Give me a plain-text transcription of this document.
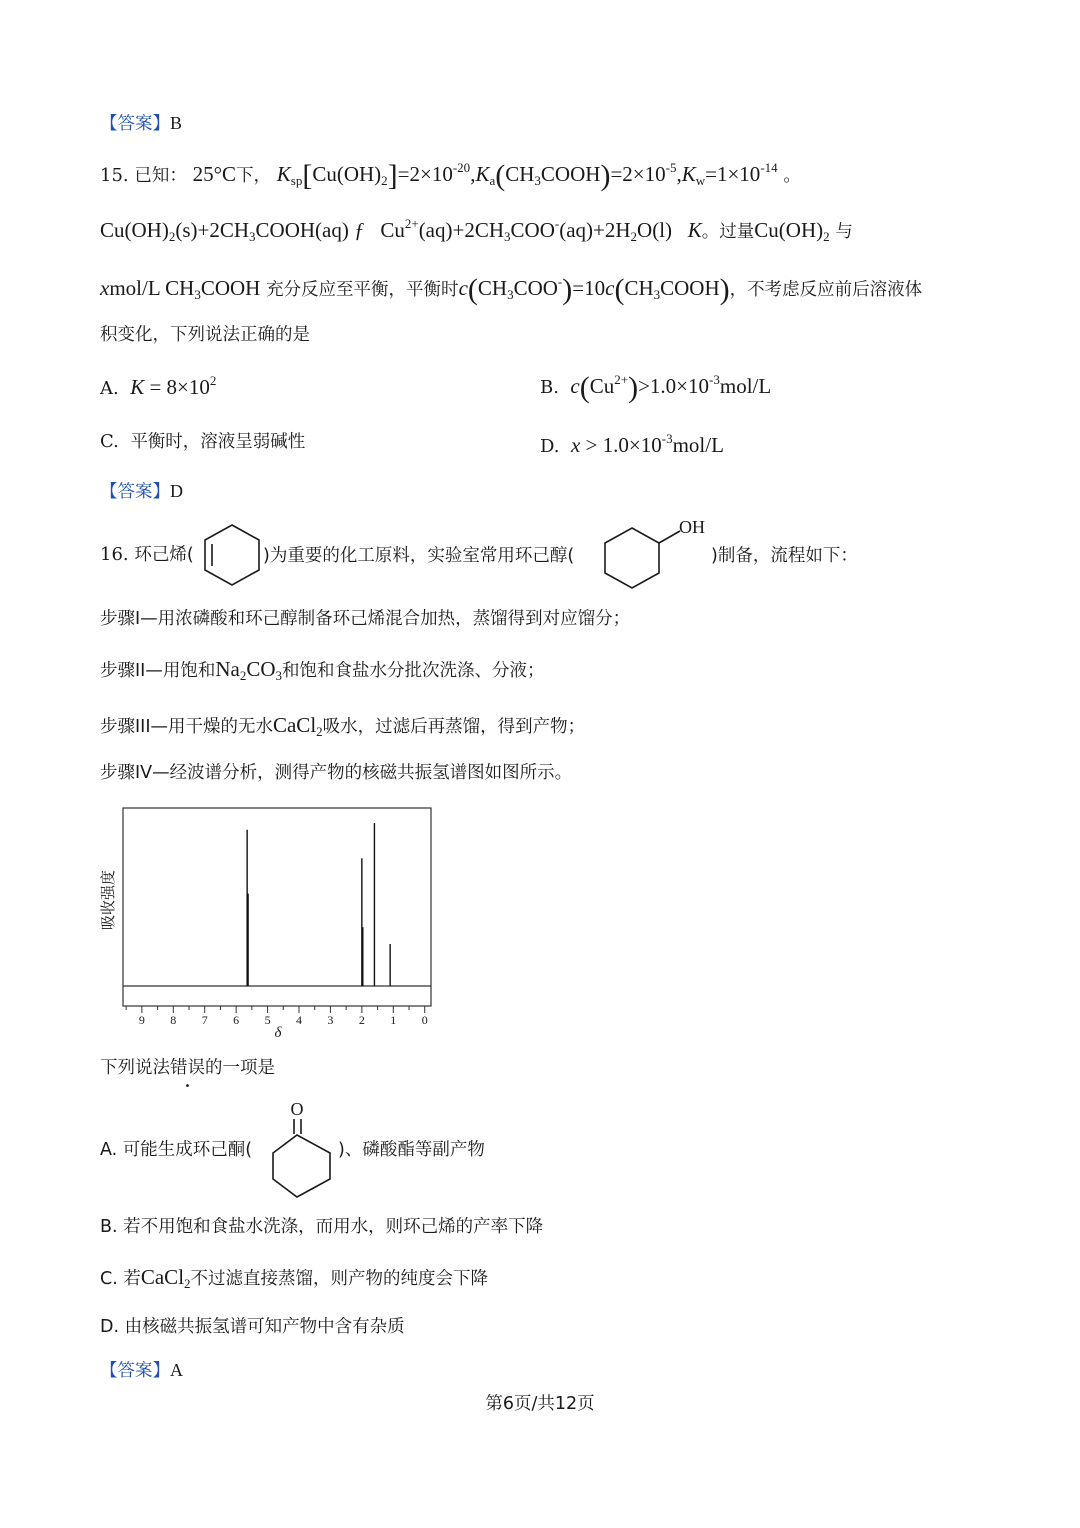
【答案】B
15. 已知： 25°C下， $K_{sp}[Cu(OH)_2]=2\times 10^{-20},K_a(CH_3COOH)=2\times 10^{-5},K_w=1\times 10^{-14}$ 。
$Cu(OH)_2(s)+2CH_3COOH(aq)$ ƒ   $Cu^{2+}(aq)+2CH_3COO^-(aq)+2H_2O(l)$   K。过量$Cu(OH)_2$ 与
xmol/L $CH_3COOH$ 充分反应至平衡，平衡时$c(CH_3COO^-)=10c(CH_3COOH)$，不考虑反应前后溶液体
积变化，下列说法正确的是
A. $K = 8\times 10^2$	B. $c(Cu^{2+})>1.0\times 10^{-3}mol/L$
C. 平衡时，溶液呈弱碱性	D. $x > 1.0\times 10^{-3}mol/L$
【答案】D
16. 环己烯(	)为重要的化工原料，实验室常用环己醇(
OH
)制备，流程如下：
步骤I—用浓磷酸和环己醇制备环己烯混合加热，蒸馏得到对应馏分；
步骤II—用饱和$Na_2CO_3$和饱和食盐水分批次洗涤、分液；
步骤III—用干燥的无水CaCl$_2$吸水，过滤后再蒸馏，得到产物；
步骤IV—经波谱分析，测得产物的核磁共振氢谱图如图所示。
9 8 7 6 5 4 3 2 1 0
吸收强度
δ
下列说法错误的一项是
A. 可能生成环己酮(
O
)、磷酸酯等副产物
B. 若不用饱和食盐水洗涤，而用水，则环己烯的产率下降
C. 若CaCl$_2$不过滤直接蒸馏，则产物的纯度会下降
D. 由核磁共振氢谱可知产物中含有杂质
【答案】A
第6页/共12页
